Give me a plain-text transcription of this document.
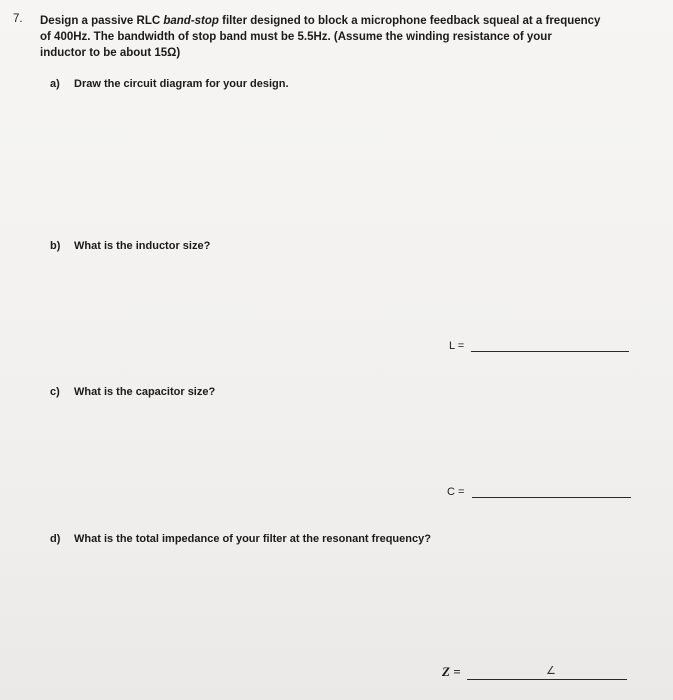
7. Design a passive RLC band-stop filter designed to block a microphone feedback squeal at a frequency
of 400Hz. The bandwidth of stop band must be 5.5Hz. (Assume the winding resistance of your
inductor to be about 15Ω)
a) Draw the circuit diagram for your design.
b) What is the inductor size?
L =
c) What is the capacitor size?
C =
d) What is the total impedance of your filter at the resonant frequency?
Z =	∠
